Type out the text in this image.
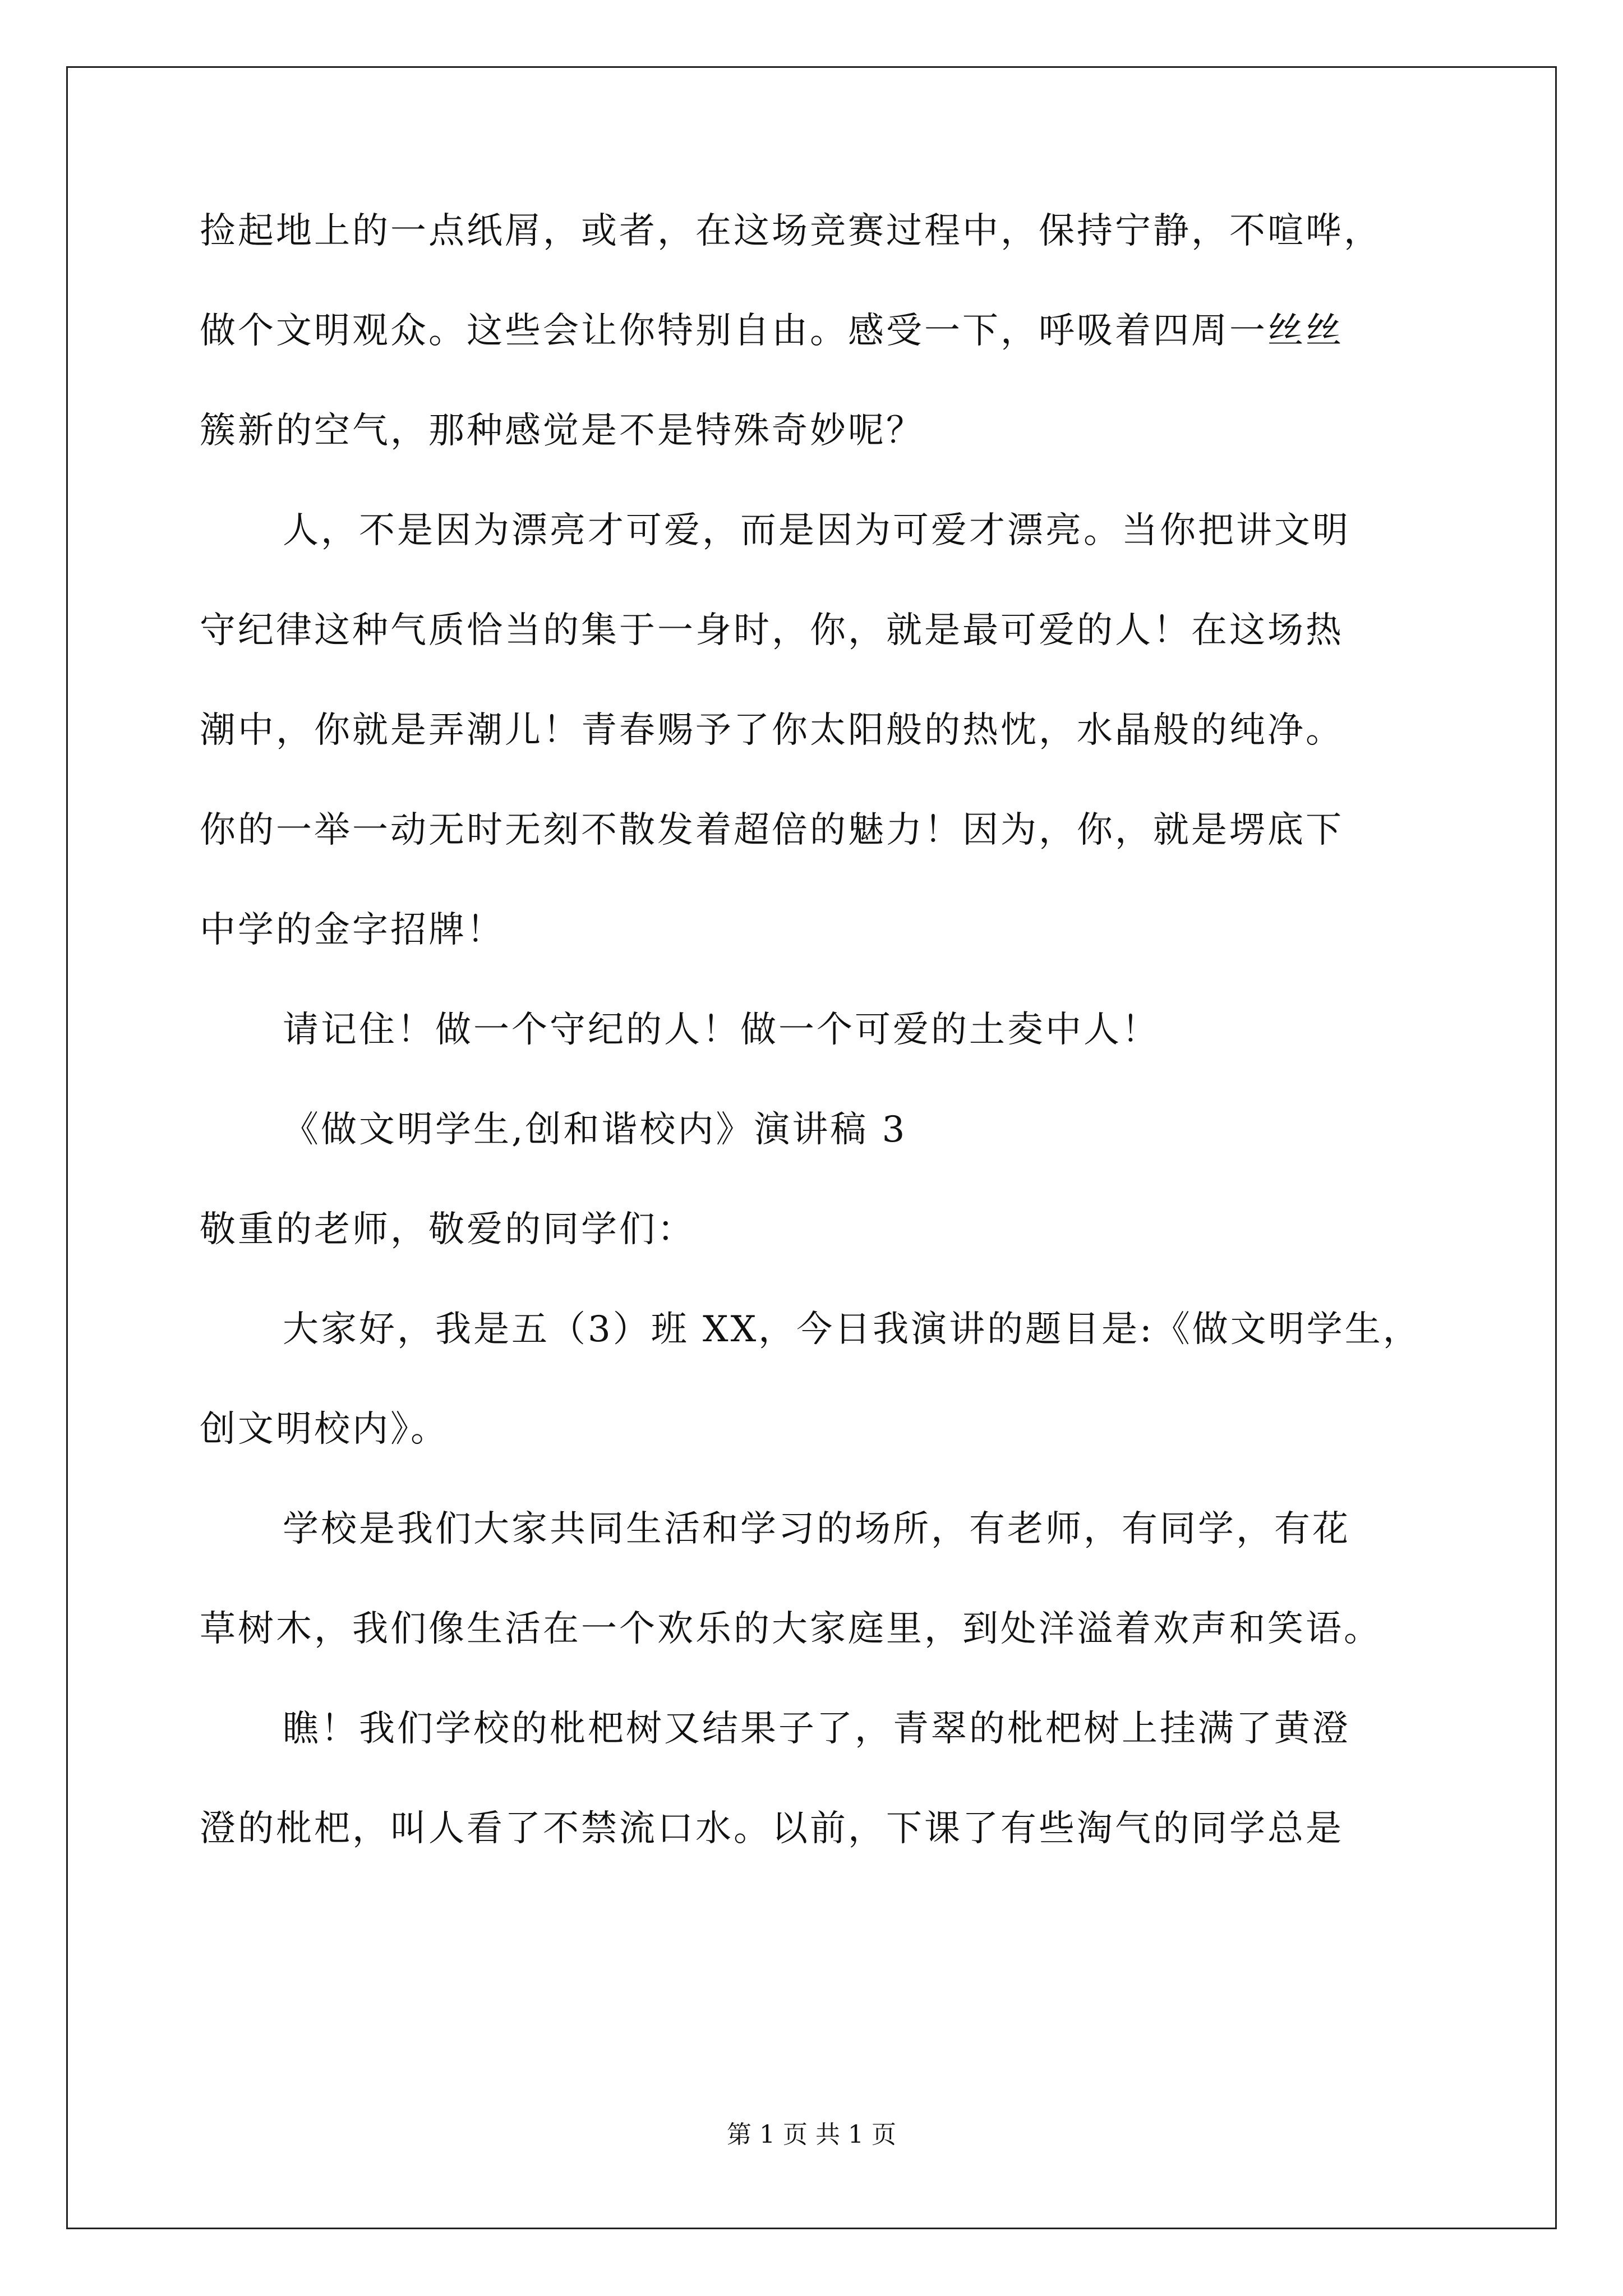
捡起地上的一点纸屑，或者，在这场竞赛过程中，保持宁静，不喧哗，
做个文明观众。这些会让你特别自由。感受一下，呼吸着四周一丝丝
簇新的空气，那种感觉是不是特殊奇妙呢？
人，不是因为漂亮才可爱，而是因为可爱才漂亮。当你把讲文明
守纪律这种气质恰当的集于一身时，你，就是最可爱的人！在这场热
潮中，你就是弄潮儿！青春赐予了你太阳般的热忱，水晶般的纯净。
你的一举一动无时无刻不散发着超倍的魅力！因为，你，就是塄底下
中学的金字招牌！
请记住！做一个守纪的人！做一个可爱的土夌中人！
《做文明学生,创和谐校内》演讲稿 3
敬重的老师，敬爱的同学们：
大家好，我是五（3）班 XX，今日我演讲的题目是:《做文明学生，
创文明校内》。
学校是我们大家共同生活和学习的场所，有老师，有同学，有花
草树木，我们像生活在一个欢乐的大家庭里，到处洋溢着欢声和笑语。
瞧！我们学校的枇杷树又结果子了，青翠的枇杷树上挂满了黄澄
澄的枇杷，叫人看了不禁流口水。以前，下课了有些淘气的同学总是
第 1 页 共 1 页
